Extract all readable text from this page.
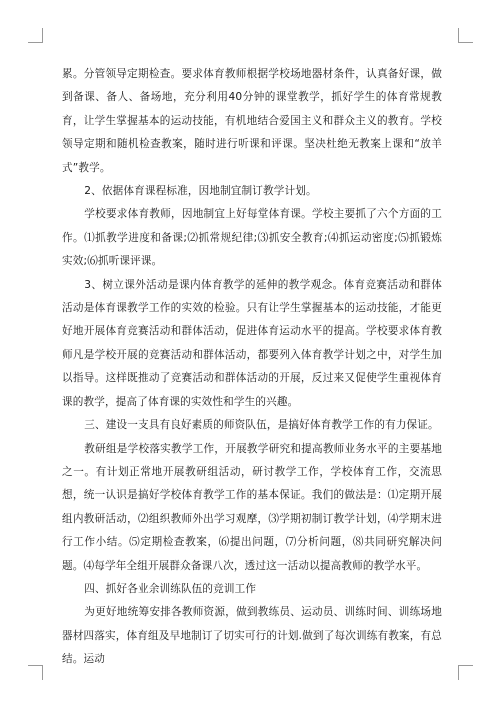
累。分管领导定期检查。要求体育教师根据学校场地器材条件，认真备好课，做到备课、备人、备场地，充分利用40分钟的课堂教学，抓好学生的体育常规教育，让学生掌握基本的运动技能，有机地结合爱国主义和群众主义的教育。学校领导定期和随机检查教案，随时进行听课和评课。坚决杜绝无教案上课和“放羊式”教学。

2、依据体育课程标准，因地制宜制订教学计划。

学校要求体育教师，因地制宜上好每堂体育课。学校主要抓了六个方面的工作。⑴抓教学进度和备课;⑵抓常规纪律;⑶抓安全教育;⑷抓运动密度;⑸抓锻炼实效;⑹抓听课评课。

3、树立课外活动是课内体育教学的延伸的教学观念。体育竞赛活动和群体活动是体育课教学工作的实效的检验。只有让学生掌握基本的运动技能，才能更好地开展体育竞赛活动和群体活动，促进体育运动水平的提高。学校要求体育教师凡是学校开展的竞赛活动和群体活动，都要列入体育教学计划之中，对学生加以指导。这样既推动了竞赛活动和群体活动的开展，反过来又促使学生重视体育课的教学，提高了体育课的实效性和学生的兴趣。

三、建设一支具有良好素质的师资队伍，是搞好体育教学工作的有力保证。

教研组是学校落实教学工作，开展教学研究和提高教师业务水平的主要基地之一。有计划正常地开展教研组活动，研讨教学工作，学校体育工作，交流思想，统一认识是搞好学校体育教学工作的基本保证。我们的做法是：⑴定期开展组内教研活动，⑵组织教师外出学习观摩，⑶学期初制订教学计划，⑷学期末进行工作小结。⑸定期检查教案，⑹提出问题，⑺分析问题，⑻共同研究解决问题。⑷每学年全组开展群众备课八次，透过这一活动以提高教师的教学水平。

四、抓好各业余训练队伍的竞训工作

为更好地统筹安排各教师资源，做到教练员、运动员、训练时间、训练场地器材四落实，体育组及早地制订了切实可行的计划.做到了每次训练有教案，有总结。运动
